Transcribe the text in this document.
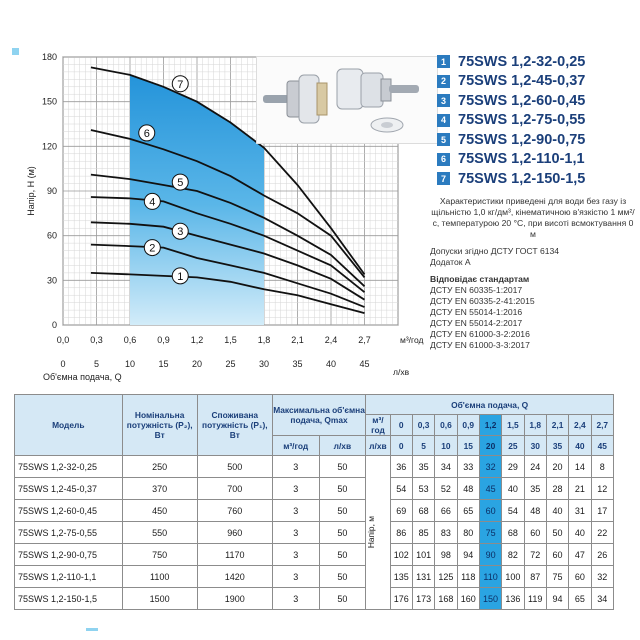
0
30
60
90
120
150
180
0,0 0,3 0,6 0,9 1,2 1,5 1,8 2,1 2,4 2,7
0	5	10	15	20	25	30	35	40	45
м³/год
л/хв
Об'ємна подача, Q
Напір, Н (м)
1
2
3
4
5
6
7
1 75SWS 1,2-32-0,25
2 75SWS 1,2-45-0,37
3 75SWS 1,2-60-0,45
4 75SWS 1,2-75-0,55
5 75SWS 1,2-90-0,75
6 75SWS 1,2-110-1,1
7 75SWS 1,2-150-1,5

Характеристики приведені для води без газу із щільністю 1,0 кг/дм³, кінематичною в'язкістю 1 мм²/с, температурою 20 °C, при висоті всмоктування 0 м

Допуски згідно ДСТУ ГОСТ 6134

Додаток А

Відповідає стандартам

ДСТУ EN 60335-1:2017

ДСТУ EN 60335-2-41:2015

ДСТУ EN 55014-1:2016

ДСТУ EN 55014-2:2017

ДСТУ EN 61000-3-2:2016

ДСТУ EN 61000-3-3:2017

Модель	Номінальна потужність (P₂), Вт	Споживана потужність (P₁), Вт	Максимальна об'ємна подача, Qmax		Об'ємна подача, Q										
					м³/год	0	0,3	0,6	0,9	1,2	1,5	1,8	2,1	2,4	2,7
			м³/год	л/хв	л/хв	0	5	10	15	20	25	30	35	40	45
75SWS 1,2-32-0,25	250	500	3	50	Напір, м	36	35	34	33	32	29	24	20	14	8
75SWS 1,2-45-0,37	370	700	3	50		54	53	52	48	45	40	35	28	21	12
75SWS 1,2-60-0,45	450	760	3	50		69	68	66	65	60	54	48	40	31	17
75SWS 1,2-75-0,55	550	960	3	50		86	85	83	80	75	68	60	50	40	22
75SWS 1,2-90-0,75	750	1170	3	50		102	101	98	94	90	82	72	60	47	26
75SWS 1,2-110-1,1	1100	1420	3	50		135	131	125	118	110	100	87	75	60	32
75SWS 1,2-150-1,5	1500	1900	3	50		176	173	168	160	150	136	119	94	65	34
